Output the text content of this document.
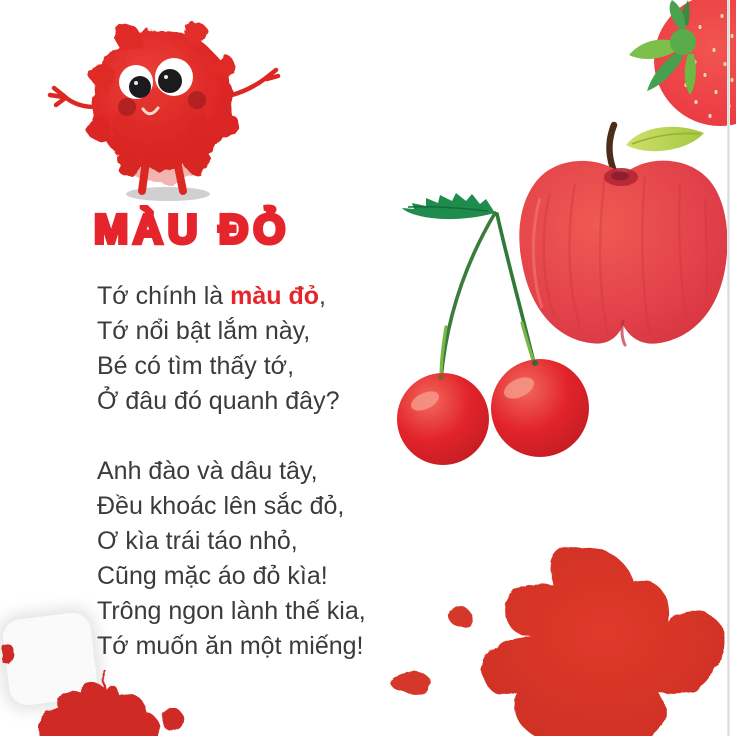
MÀU ĐỎ

Tớ chính là màu đỏ,

Tớ nổi bật lắm này,

Bé có tìm thấy tớ,

Ở đâu đó quanh đây?

Anh đào và dâu tây,

Đều khoác lên sắc đỏ,

Ơ kìa trái táo nhỏ,

Cũng mặc áo đỏ kìa!

Trông ngon lành thế kia,

Tớ muốn ăn một miếng!
